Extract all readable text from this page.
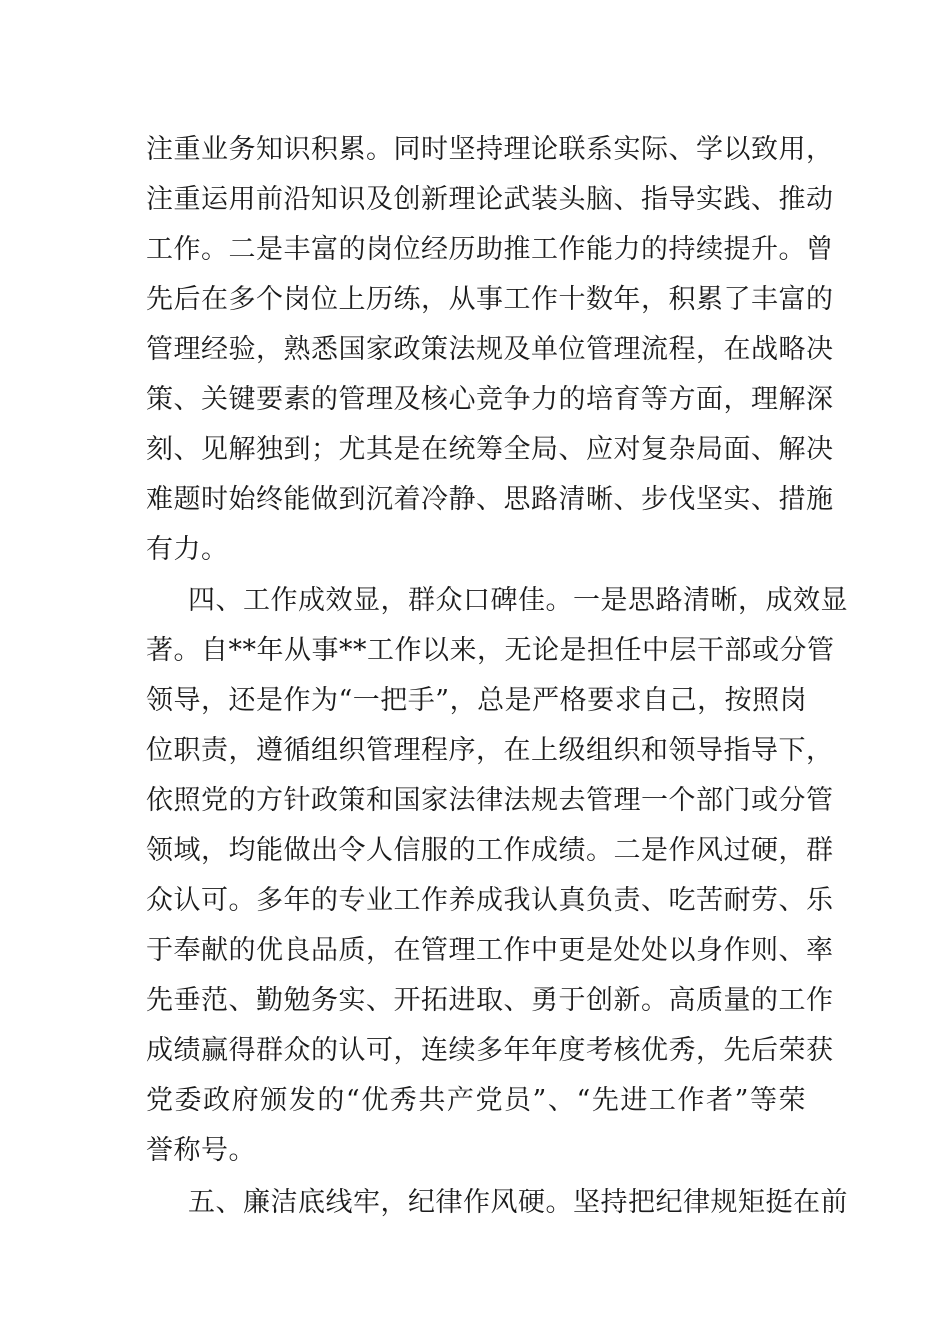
注重业务知识积累。同时坚持理论联系实际、学以致用，
注重运用前沿知识及创新理论武装头脑、指导实践、推动
工作。二是丰富的岗位经历助推工作能力的持续提升。曾
先后在多个岗位上历练，从事工作十数年，积累了丰富的
管理经验，熟悉国家政策法规及单位管理流程，在战略决
策、关键要素的管理及核心竞争力的培育等方面，理解深
刻、见解独到；尤其是在统筹全局、应对复杂局面、解决
难题时始终能做到沉着冷静、思路清晰、步伐坚实、措施
有力。
四、工作成效显，群众口碑佳。一是思路清晰，成效显
著。自**年从事**工作以来，无论是担任中层干部或分管
领导，还是作为“一把手”，总是严格要求自己，按照岗
位职责，遵循组织管理程序，在上级组织和领导指导下，
依照党的方针政策和国家法律法规去管理一个部门或分管
领域，均能做出令人信服的工作成绩。二是作风过硬，群
众认可。多年的专业工作养成我认真负责、吃苦耐劳、乐
于奉献的优良品质，在管理工作中更是处处以身作则、率
先垂范、勤勉务实、开拓进取、勇于创新。高质量的工作
成绩赢得群众的认可，连续多年年度考核优秀，先后荣获
党委政府颁发的“优秀共产党员”、“先进工作者”等荣
誉称号。
五、廉洁底线牢，纪律作风硬。坚持把纪律规矩挺在前
